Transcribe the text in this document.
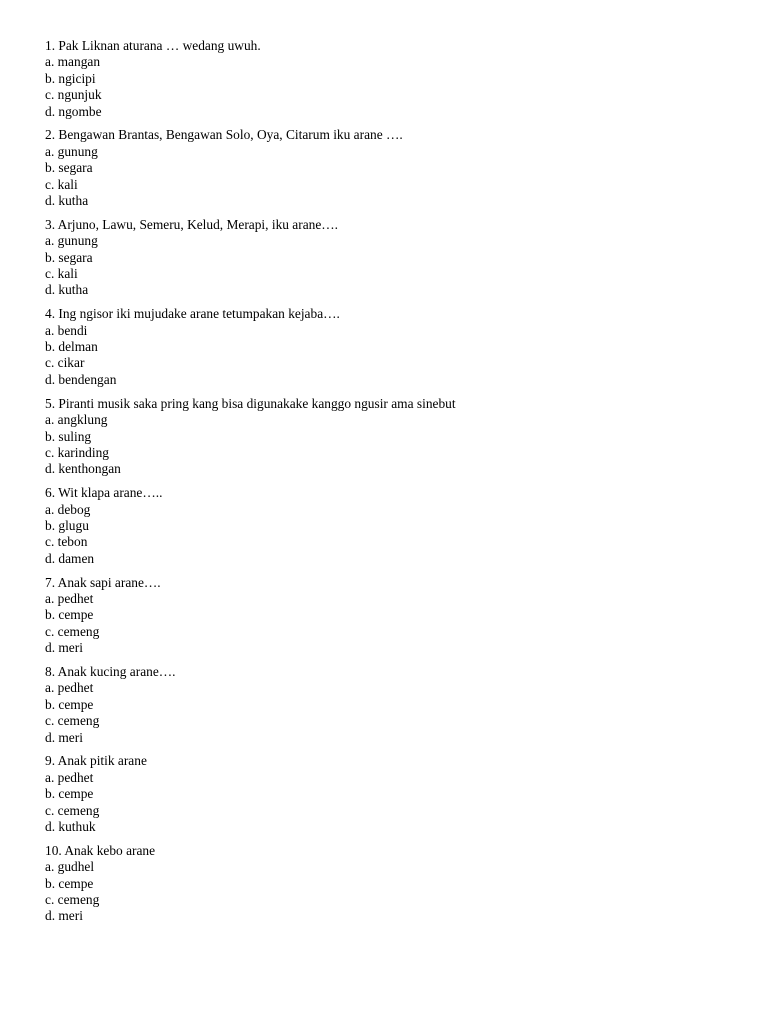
1. Pak Liknan aturana … wedang uwuh.
a. mangan
b. ngicipi
c. ngunjuk
d. ngombe
2. Bengawan Brantas, Bengawan Solo, Oya, Citarum iku arane ….
a. gunung
b. segara
c. kali
d. kutha
3. Arjuno, Lawu, Semeru, Kelud, Merapi, iku arane….
a. gunung
b. segara
c. kali
d. kutha
4. Ing ngisor iki mujudake arane tetumpakan kejaba….
a. bendi
b. delman
c. cikar
d. bendengan
5. Piranti musik saka pring kang bisa digunakake kanggo ngusir ama sinebut
a. angklung
b. suling
c. karinding
d. kenthongan
6. Wit klapa arane…..
a. debog
b. glugu
c. tebon
d. damen
7. Anak sapi arane….
a. pedhet
b. cempe
c. cemeng
d. meri
8. Anak kucing arane….
a. pedhet
b. cempe
c. cemeng
d. meri
9. Anak pitik arane
a. pedhet
b. cempe
c. cemeng
d. kuthuk
10. Anak kebo arane
a. gudhel
b. cempe
c. cemeng
d. meri
